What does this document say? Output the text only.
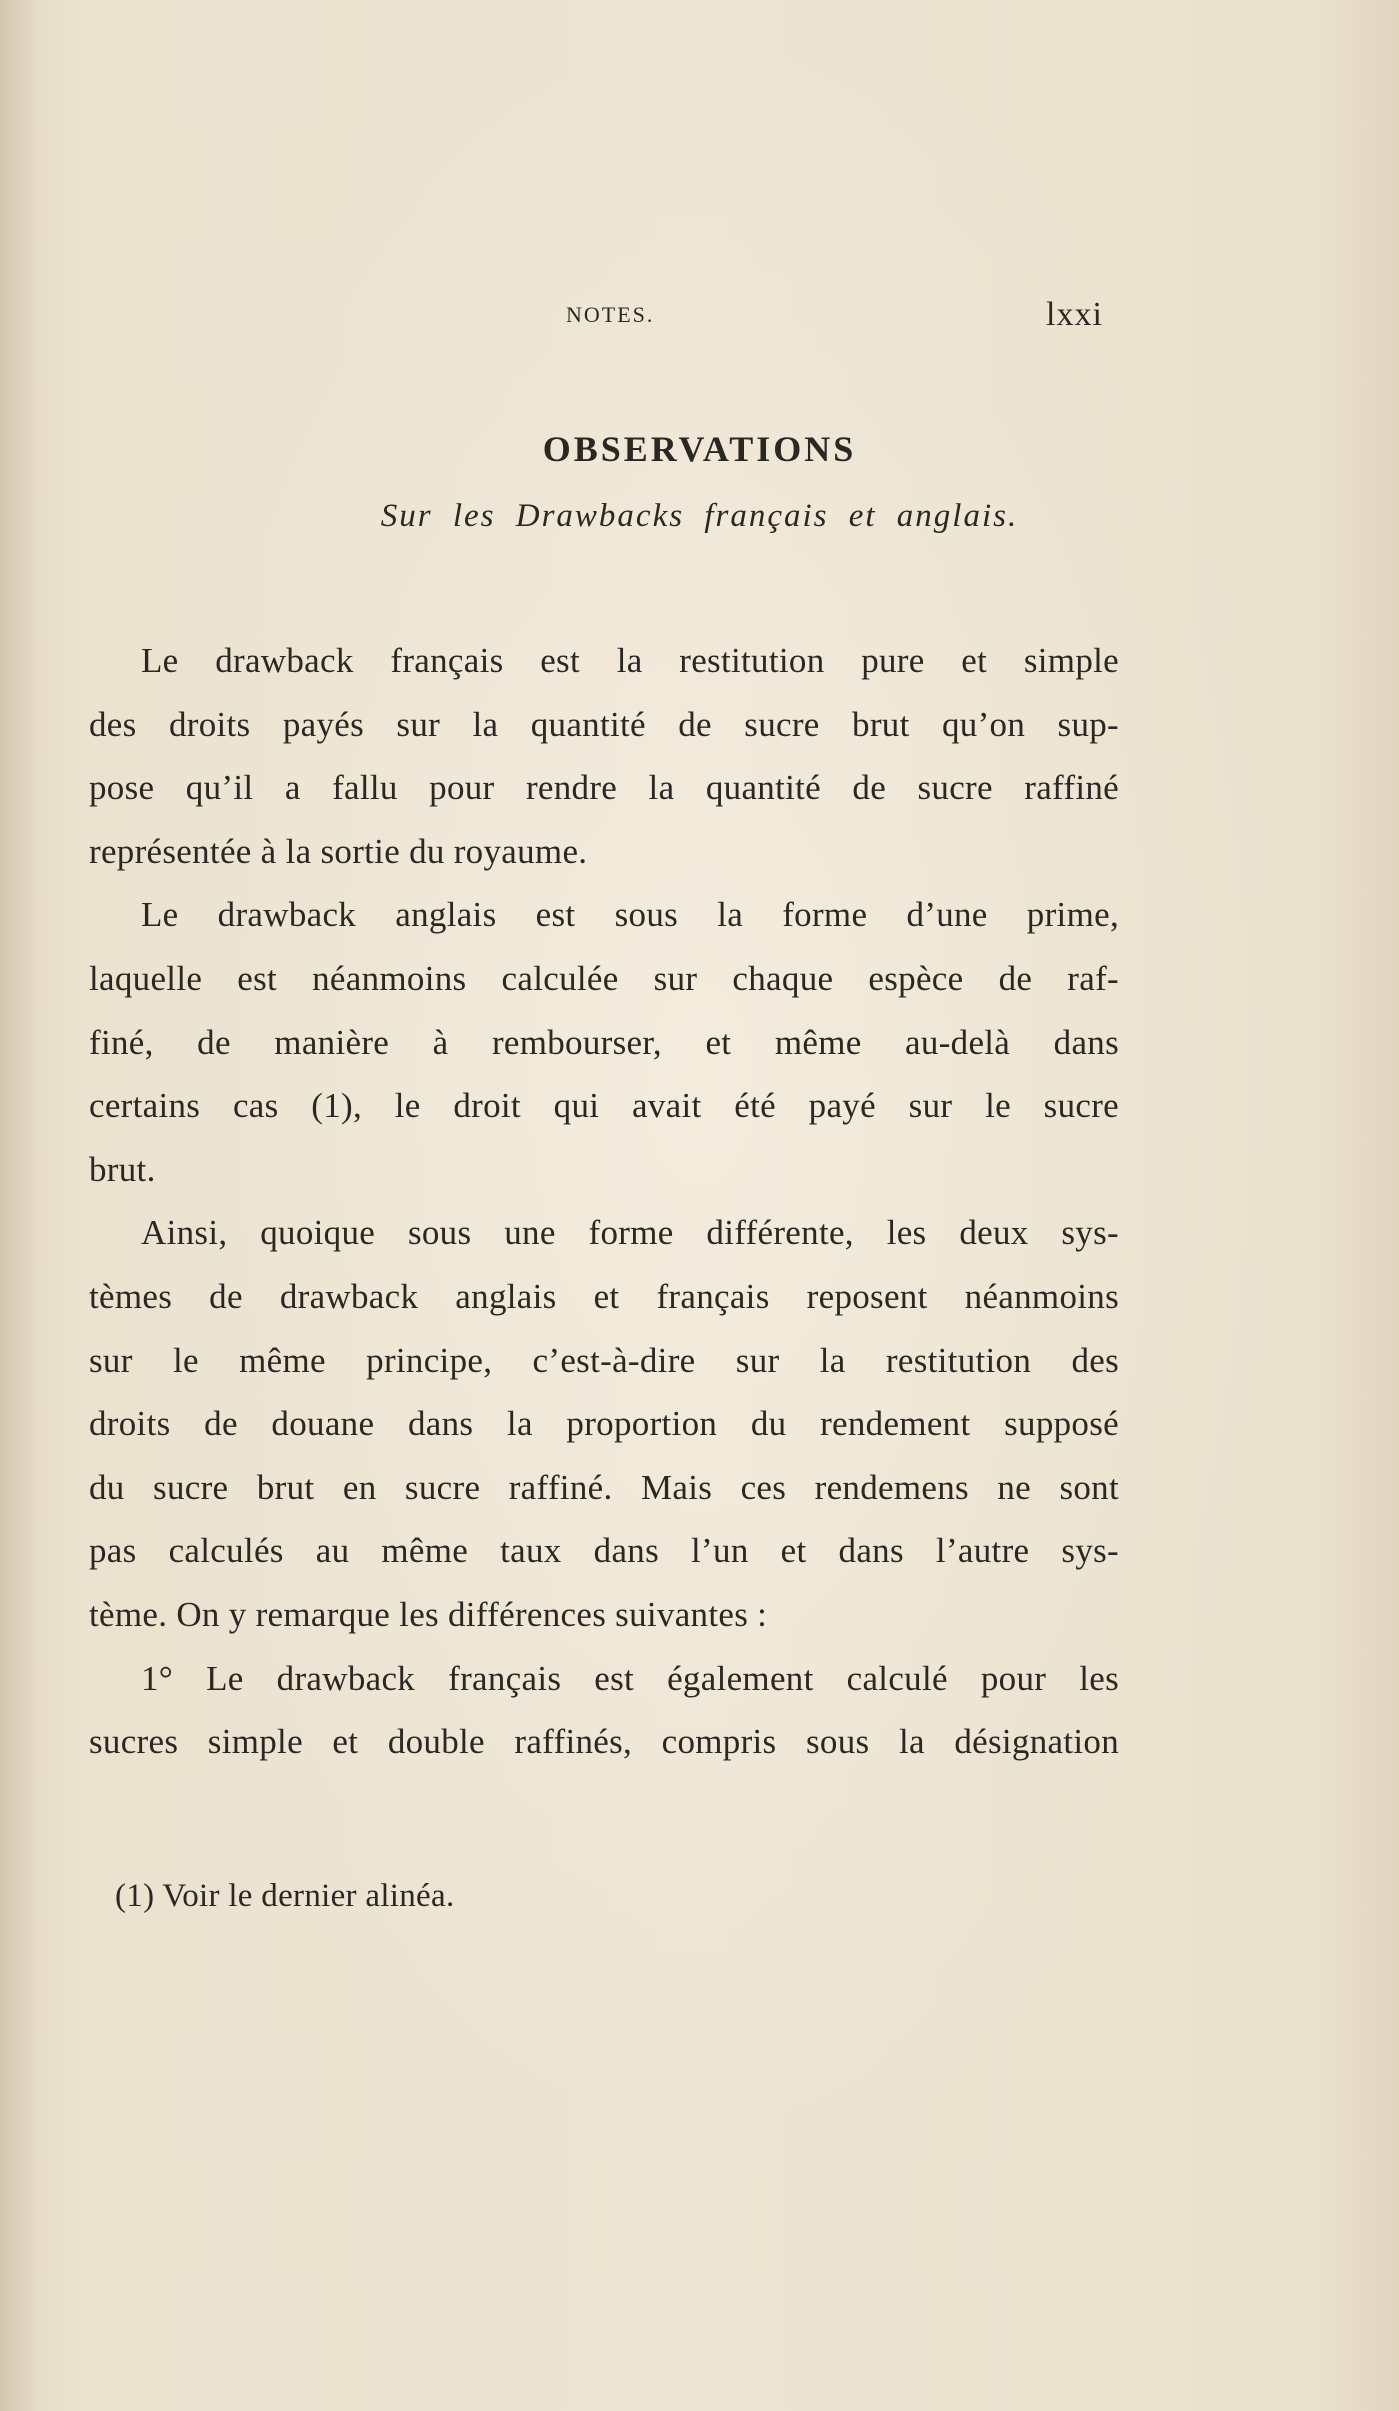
NOTES.	lxxi
OBSERVATIONS
Sur les Drawbacks français et anglais.
Le drawback français est la restitution pure et simple
des droits payés sur la quantité de sucre brut qu’on sup-
pose qu’il a fallu pour rendre la quantité de sucre raffiné
représentée à la sortie du royaume.
Le drawback anglais est sous la forme d’une prime,
laquelle est néanmoins calculée sur chaque espèce de raf-
finé, de manière à rembourser, et même au-delà dans
certains cas (1), le droit qui avait été payé sur le sucre
brut.
Ainsi, quoique sous une forme différente, les deux sys-
tèmes de drawback anglais et français reposent néanmoins
sur le même principe, c’est-à-dire sur la restitution des
droits de douane dans la proportion du rendement supposé
du sucre brut en sucre raffiné. Mais ces rendemens ne sont
pas calculés au même taux dans l’un et dans l’autre sys-
tème. On y remarque les différences suivantes :
1° Le drawback français est également calculé pour les
sucres simple et double raffinés, compris sous la désignation
(1) Voir le dernier alinéa.
